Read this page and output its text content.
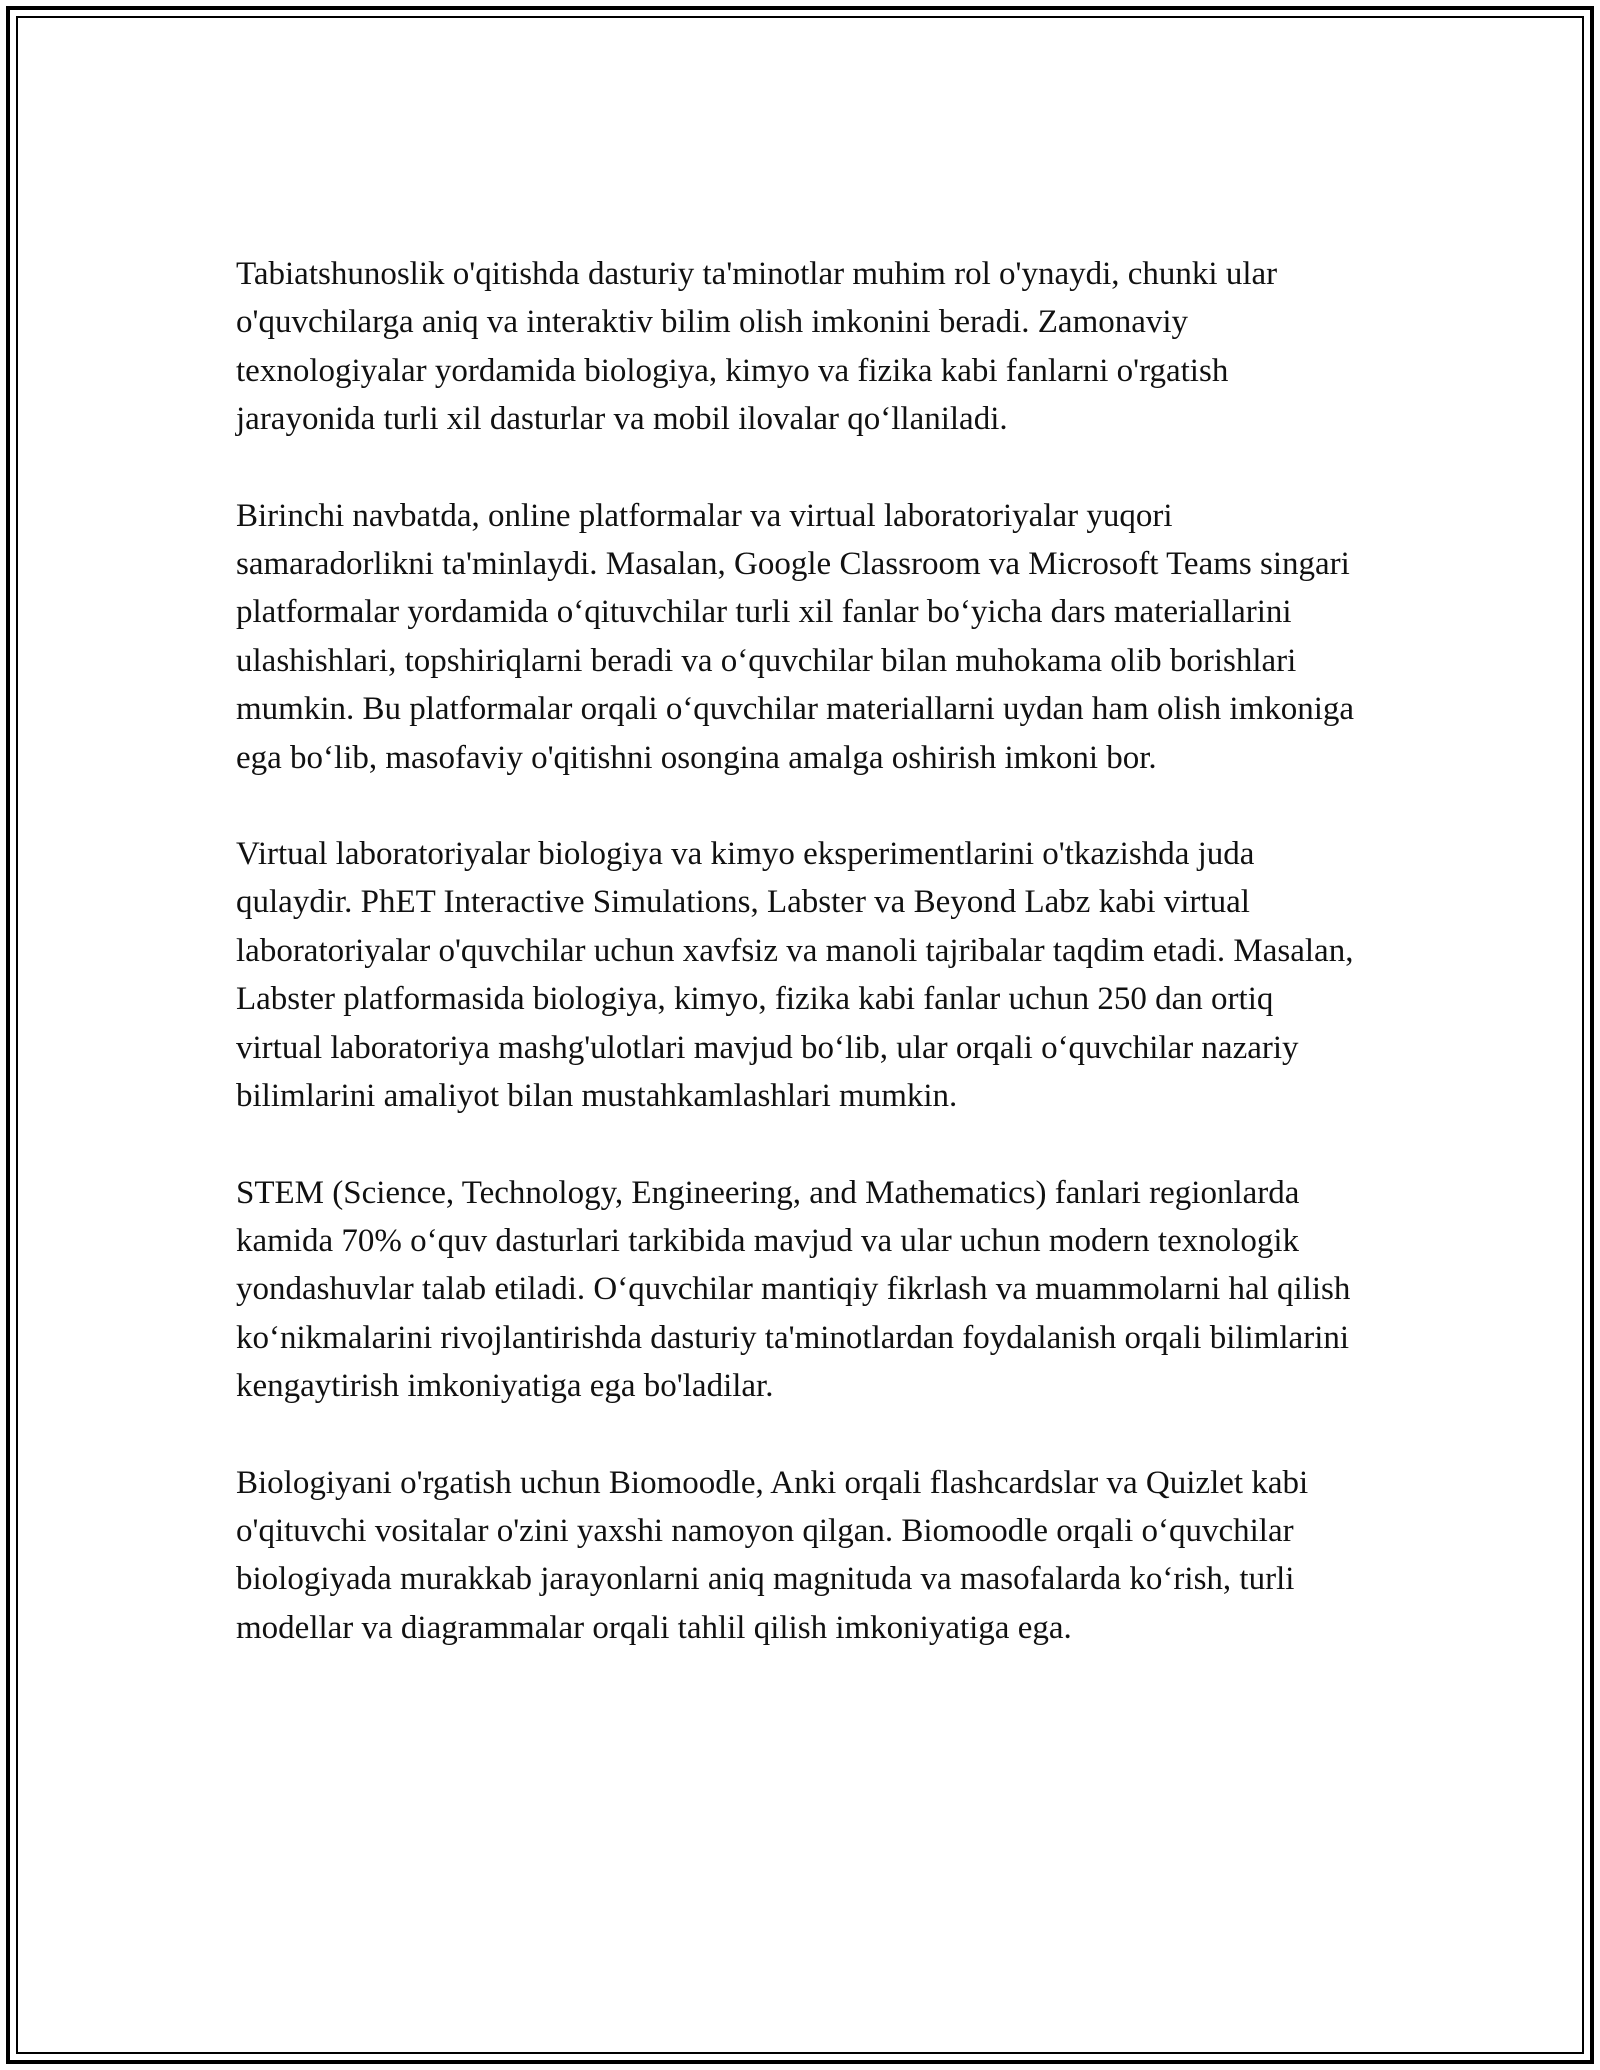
Tabiatshunoslik o'qitishda dasturiy ta'minotlar muhim rol o'ynaydi, chunki ular o'quvchilarga aniq va interaktiv bilim olish imkonini beradi. Zamonaviy texnologiyalar yordamida biologiya, kimyo va fizika kabi fanlarni o'rgatish jarayonida turli xil dasturlar va mobil ilovalar qo‘llaniladi.

Birinchi navbatda, online platformalar va virtual laboratoriyalar yuqori samaradorlikni ta'minlaydi. Masalan, Google Classroom va Microsoft Teams singari platformalar yordamida o‘qituvchilar turli xil fanlar bo‘yicha dars materiallarini ulashishlari, topshiriqlarni beradi va o‘quvchilar bilan muhokama olib borishlari mumkin. Bu platformalar orqali o‘quvchilar materiallarni uydan ham olish imkoniga ega bo‘lib, masofaviy o'qitishni osongina amalga oshirish imkoni bor.

Virtual laboratoriyalar biologiya va kimyo eksperimentlarini o'tkazishda juda qulaydir. PhET Interactive Simulations, Labster va Beyond Labz kabi virtual laboratoriyalar o'quvchilar uchun xavfsiz va manoli tajribalar taqdim etadi. Masalan, Labster platformasida biologiya, kimyo, fizika kabi fanlar uchun 250 dan ortiq virtual laboratoriya mashg'ulotlari mavjud bo‘lib, ular orqali o‘quvchilar nazariy bilimlarini amaliyot bilan mustahkamlashlari mumkin.

STEM (Science, Technology, Engineering, and Mathematics) fanlari regionlarda kamida 70% o‘quv dasturlari tarkibida mavjud va ular uchun modern texnologik yondashuvlar talab etiladi. O‘quvchilar mantiqiy fikrlash va muammolarni hal qilish ko‘nikmalarini rivojlantirishda dasturiy ta'minotlardan foydalanish orqali bilimlarini kengaytirish imkoniyatiga ega bo'ladilar.

Biologiyani o'rgatish uchun Biomoodle, Anki orqali flashcardslar va Quizlet kabi o'qituvchi vositalar o'zini yaxshi namoyon qilgan. Biomoodle orqali o‘quvchilar biologiyada murakkab jarayonlarni aniq magnituda va masofalarda ko‘rish, turli modellar va diagrammalar orqali tahlil qilish imkoniyatiga ega.
